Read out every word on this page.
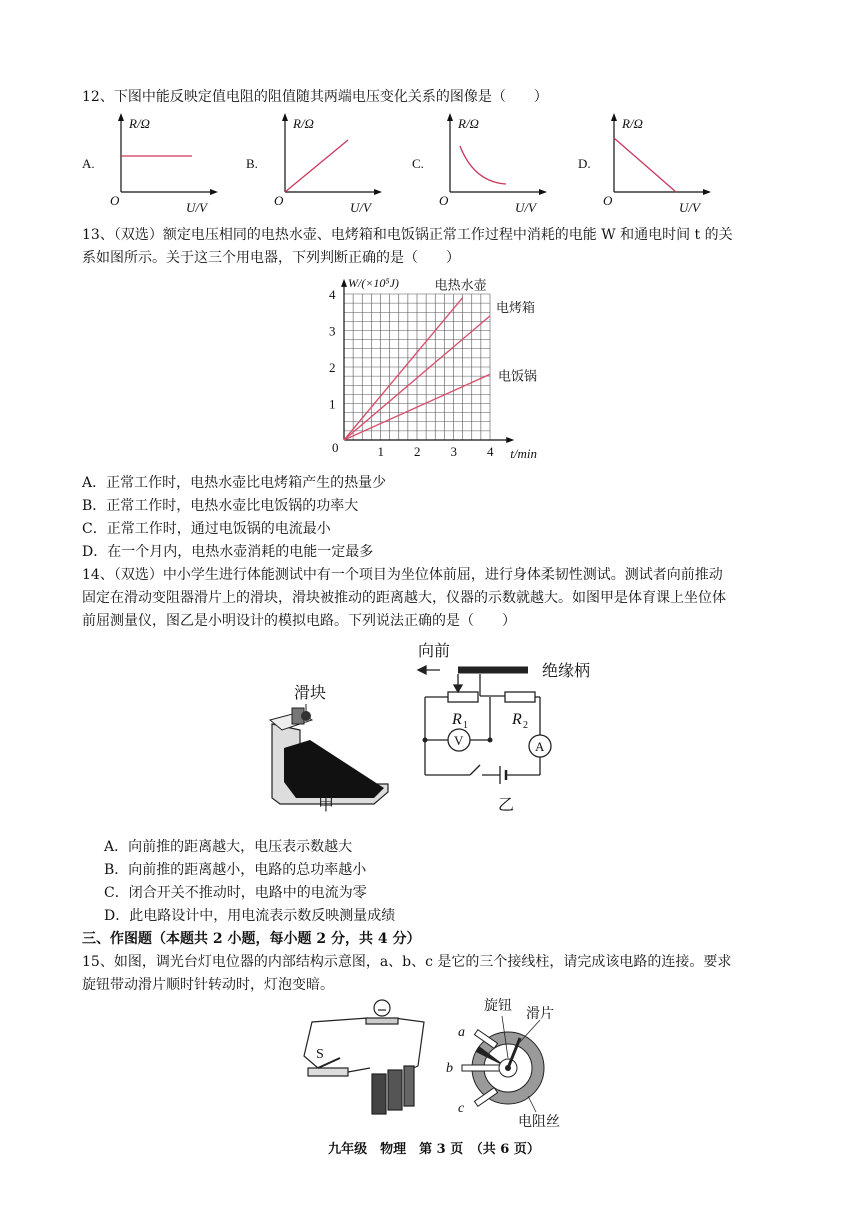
12、下图中能反映定值电阻的阻值随其两端电压变化关系的图像是（　　）
A.
R/Ω
U/V
O
B.
R/Ω
U/V
O
C.
R/Ω
U/V
O
D.
R/Ω
U/V
O
13、（双选）额定电压相同的电热水壶、电烤箱和电饭锅正常工作过程中消耗的电能 W 和通电时间 t 的关
系如图所示。关于这三个用电器，下列判断正确的是（　　）
1 2 3 4
1
2
3
4
0	t/min
W/(×10⁵J)	电热水壶
电烤箱
电饭锅
A．正常工作时，电热水壶比电烤箱产生的热量少
B．正常工作时，电热水壶比电饭锅的功率大
C．正常工作时，通过电饭锅的电流最小
D．在一个月内，电热水壶消耗的电能一定最多
14、（双选）中小学生进行体能测试中有一个项目为坐位体前屈，进行身体柔韧性测试。测试者向前推动
固定在滑动变阻器滑片上的滑块，滑块被推动的距离越大，仪器的示数就越大。如图甲是体育课上坐位体
前屈测量仪，图乙是小明设计的模拟电路。下列说法正确的是（　　）
滑块
甲
向前
绝缘柄
R 1	R 2
V	A
乙
A．向前推的距离越大，电压表示数越大
B．向前推的距离越小，电路的总功率越小
C．闭合开关不推动时，电路中的电流为零
D．此电路设计中，用电流表示数反映测量成绩
三、作图题（本题共 2 小题，每小题 2 分，共 4 分）
15、如图，调光台灯电位器的内部结构示意图，a、b、c 是它的三个接线柱，请完成该电路的连接。要求
旋钮带动滑片顺时针转动时，灯泡变暗。
S
旋钮
滑片
电阻丝
a
b
c
九年级　物理　第 3 页　（共 6 页）
